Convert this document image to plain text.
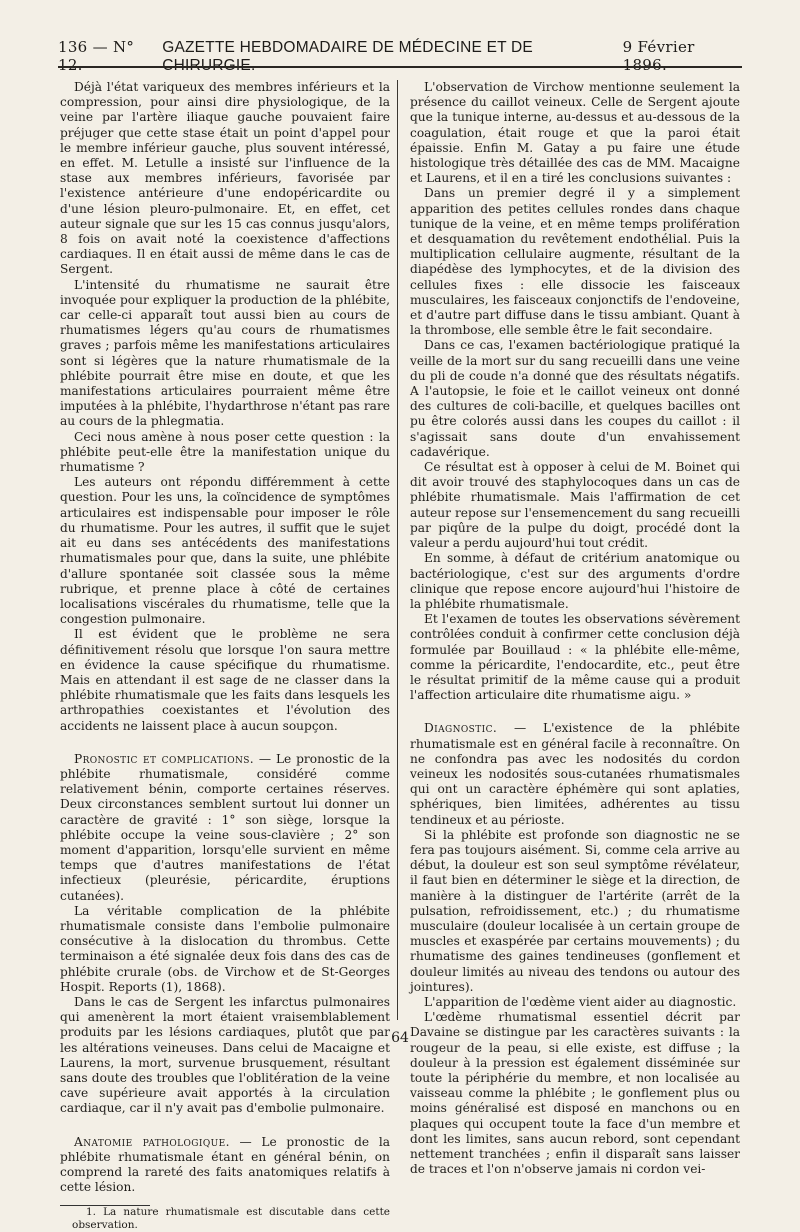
136 — N° 12.
GAZETTE HEBDOMADAIRE DE MÉDECINE ET DE CHIRURGIE.
9 Février 1896.

Déjà l'état variqueux des membres inférieurs et la compression, pour ainsi dire physiologique, de la veine par l'artère iliaque gauche pouvaient faire préjuger que cette stase était un point d'appel pour le membre inférieur gauche, plus souvent intéressé, en effet. M. Letulle a insisté sur l'influence de la stase aux membres inférieurs, favorisée par l'existence antérieure d'une endopéricardite ou d'une lésion pleuro-pulmonaire. Et, en effet, cet auteur signale que sur les 15 cas connus jusqu'alors, 8 fois on avait noté la coexistence d'affections cardiaques. Il en était aussi de même dans le cas de Sergent.

L'intensité du rhumatisme ne saurait être invoquée pour expliquer la production de la phlébite, car celle-ci apparaît tout aussi bien au cours de rhumatismes légers qu'au cours de rhumatismes graves ; parfois même les manifestations articulaires sont si légères que la nature rhumatismale de la phlébite pourrait être mise en doute, et que les manifestations articulaires pourraient même être imputées à la phlébite, l'hydarthrose n'étant pas rare au cours de la phlegmatia.

Ceci nous amène à nous poser cette question : la phlébite peut-elle être la manifestation unique du rhumatisme ?

Les auteurs ont répondu différemment à cette question. Pour les uns, la coïncidence de symptômes articulaires est indispensable pour imposer le rôle du rhumatisme. Pour les autres, il suffit que le sujet ait eu dans ses antécédents des manifestations rhumatismales pour que, dans la suite, une phlébite d'allure spontanée soit classée sous la même rubrique, et prenne place à côté de certaines localisations viscérales du rhumatisme, telle que la congestion pulmonaire.

Il est évident que le problème ne sera définitivement résolu que lorsque l'on saura mettre en évidence la cause spécifique du rhumatisme. Mais en attendant il est sage de ne classer dans la phlébite rhumatismale que les faits dans lesquels les arthropathies coexistantes et l'évolution des accidents ne laissent place à aucun soupçon.

Pronostic et complications. — Le pronostic de la phlébite rhumatismale, considéré comme relativement bénin, comporte certaines réserves. Deux circonstances semblent surtout lui donner un caractère de gravité : 1° son siège, lorsque la phlébite occupe la veine sous-clavière ; 2° son moment d'apparition, lorsqu'elle survient en même temps que d'autres manifestations de l'état infectieux (pleurésie, péricardite, éruptions cutanées).

La véritable complication de la phlébite rhumatismale consiste dans l'embolie pulmonaire consécutive à la dislocation du thrombus. Cette terminaison a été signalée deux fois dans des cas de phlébite crurale (obs. de Virchow et de St-Georges Hospit. Reports (1), 1868).

Dans le cas de Sergent les infarctus pulmonaires qui amenèrent la mort étaient vraisemblablement produits par les lésions cardiaques, plutôt que par les altérations veineuses. Dans celui de Macaigne et Laurens, la mort, survenue brusquement, résultant sans doute des troubles que l'oblitération de la veine cave supérieure avait apportés à la circulation cardiaque, car il n'y avait pas d'embolie pulmonaire.

Anatomie pathologique. — Le pronostic de la phlébite rhumatismale étant en général bénin, on comprend la rareté des faits anatomiques relatifs à cette lésion.

1. La nature rhumatismale est discutable dans cette observation.

L'observation de Virchow mentionne seulement la présence du caillot veineux. Celle de Sergent ajoute que la tunique interne, au-dessus et au-dessous de la coagulation, était rouge et que la paroi était épaissie. Enfin M. Gatay a pu faire une étude histologique très détaillée des cas de MM. Macaigne et Laurens, et il en a tiré les conclusions suivantes :

Dans un premier degré il y a simplement apparition des petites cellules rondes dans chaque tunique de la veine, et en même temps prolifération et desquamation du revêtement endothélial. Puis la multiplication cellulaire augmente, résultant de la diapédèse des lymphocytes, et de la division des cellules fixes : elle dissocie les faisceaux musculaires, les faisceaux conjonctifs de l'endoveine, et d'autre part diffuse dans le tissu ambiant. Quant à la thrombose, elle semble être le fait secondaire.

Dans ce cas, l'examen bactériologique pratiqué la veille de la mort sur du sang recueilli dans une veine du pli de coude n'a donné que des résultats négatifs. A l'autopsie, le foie et le caillot veineux ont donné des cultures de coli-bacille, et quelques bacilles ont pu être colorés aussi dans les coupes du caillot : il s'agissait sans doute d'un envahissement cadavérique.

Ce résultat est à opposer à celui de M. Boinet qui dit avoir trouvé des staphylocoques dans un cas de phlébite rhumatismale. Mais l'affirmation de cet auteur repose sur l'ensemencement du sang recueilli par piqûre de la pulpe du doigt, procédé dont la valeur a perdu aujourd'hui tout crédit.

En somme, à défaut de critérium anatomique ou bactériologique, c'est sur des arguments d'ordre clinique que repose encore aujourd'hui l'histoire de la phlébite rhumatismale.

Et l'examen de toutes les observations sévèrement contrôlées conduit à confirmer cette conclusion déjà formulée par Bouillaud : « la phlébite elle-même, comme la péricardite, l'endocardite, etc., peut être le résultat primitif de la même cause qui a produit l'affection articulaire dite rhumatisme aigu. »

Diagnostic. — L'existence de la phlébite rhumatismale est en général facile à reconnaître. On ne confondra pas avec les nodosités du cordon veineux les nodosités sous-cutanées rhumatismales qui ont un caractère éphémère qui sont aplaties, sphériques, bien limitées, adhérentes au tissu tendineux et au périoste.

Si la phlébite est profonde son diagnostic ne se fera pas toujours aisément. Si, comme cela arrive au début, la douleur est son seul symptôme révélateur, il faut bien en déterminer le siège et la direction, de manière à la distinguer de l'artérite (arrêt de la pulsation, refroidissement, etc.) ; du rhumatisme musculaire (douleur localisée à un certain groupe de muscles et exaspérée par certains mouvements) ; du rhumatisme des gaines tendineuses (gonflement et douleur limités au niveau des tendons ou autour des jointures).

L'apparition de l'œdème vient aider au diagnostic.

L'œdème rhumatismal essentiel décrit par Davaine se distingue par les caractères suivants : la rougeur de la peau, si elle existe, est diffuse ; la douleur à la pression est également disséminée sur toute la périphérie du membre, et non localisée au vaisseau comme la phlébite ; le gonflement plus ou moins généralisé est disposé en manchons ou en plaques qui occupent toute la face d'un membre et dont les limites, sans aucun rebord, sont cependant nettement tranchées ; enfin il disparaît sans laisser de traces et l'on n'observe jamais ni cordon vei-

64
